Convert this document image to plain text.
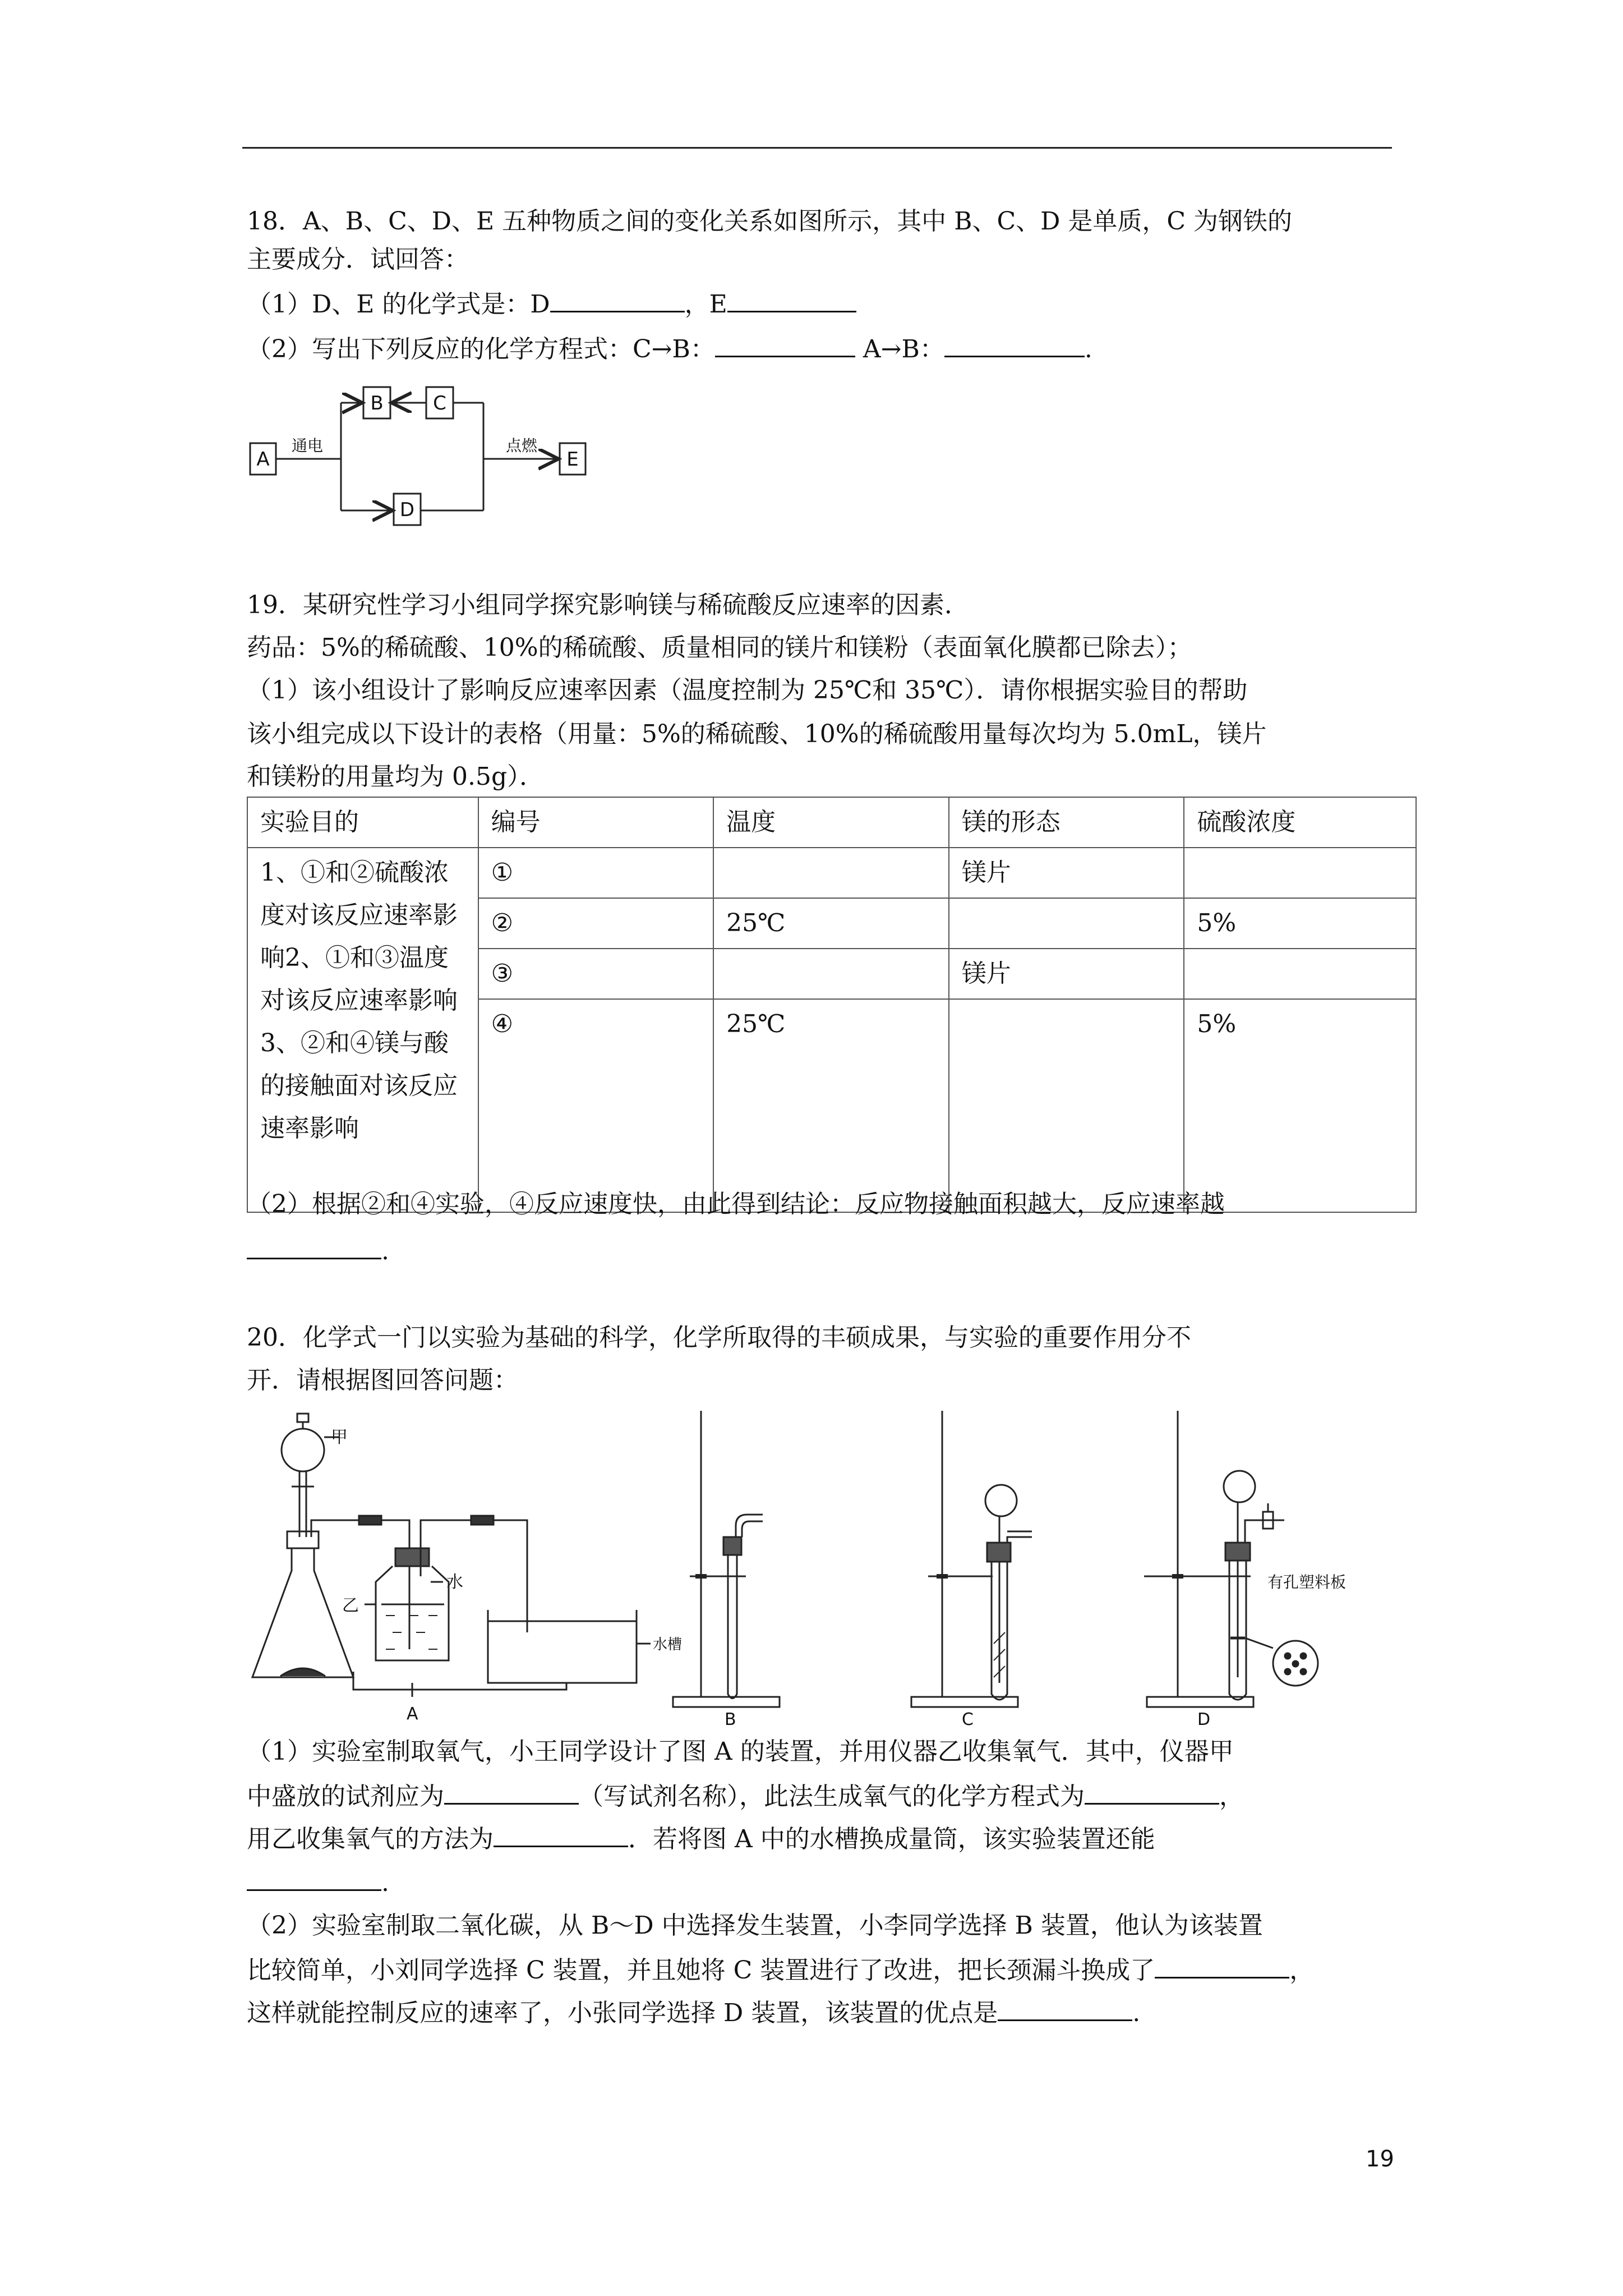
18．A、B、C、D、E 五种物质之间的变化关系如图所示，其中 B、C、D 是单质，C 为钢铁的
主要成分．试回答：
（1）D、E 的化学式是：D	，E
（2）写出下列反应的化学方程式：C→B：	A→B：	.
A
B	C
D
E
通电	点燃
19．某研究性学习小组同学探究影响镁与稀硫酸反应速率的因素．
药品：5%的稀硫酸、10%的稀硫酸、质量相同的镁片和镁粉（表面氧化膜都已除去）；
（1）该小组设计了影响反应速率因素（温度控制为 25℃和 35℃）．请你根据实验目的帮助
该小组完成以下设计的表格（用量：5%的稀硫酸、10%的稀硫酸用量每次均为 5.0mL，镁片
和镁粉的用量均为 0.5g）．
实验目的	编号	温度	镁的形态	硫酸浓度
1、①和②硫酸浓度对该反应速率影响2、①和③温度对该反应速率影响3、②和④镁与酸的接触面对该反应速率影响	①		镁片	
	②	25℃		5%
	③		镁片	
	④	25℃		5%
（2）根据②和④实验，④反应速度快，由此得到结论：反应物接触面积越大，反应速率越
.
20．化学式一门以实验为基础的科学，化学所取得的丰硕成果，与实验的重要作用分不
开．请根据图回答问题：
甲
乙
水
水槽
有孔塑料板
A	B	C	D
（1）实验室制取氧气，小王同学设计了图 A 的装置，并用仪器乙收集氧气．其中，仪器甲
中盛放的试剂应为	（写试剂名称），此法生成氧气的化学方程式为	，
用乙收集氧气的方法为	．若将图 A 中的水槽换成量筒，该实验装置还能
.
（2）实验室制取二氧化碳，从 B～D 中选择发生装置，小李同学选择 B 装置，他认为该装置
比较简单，小刘同学选择 C 装置，并且她将 C 装置进行了改进，把长颈漏斗换成了	，
这样就能控制反应的速率了，小张同学选择 D 装置，该装置的优点是	.
19
